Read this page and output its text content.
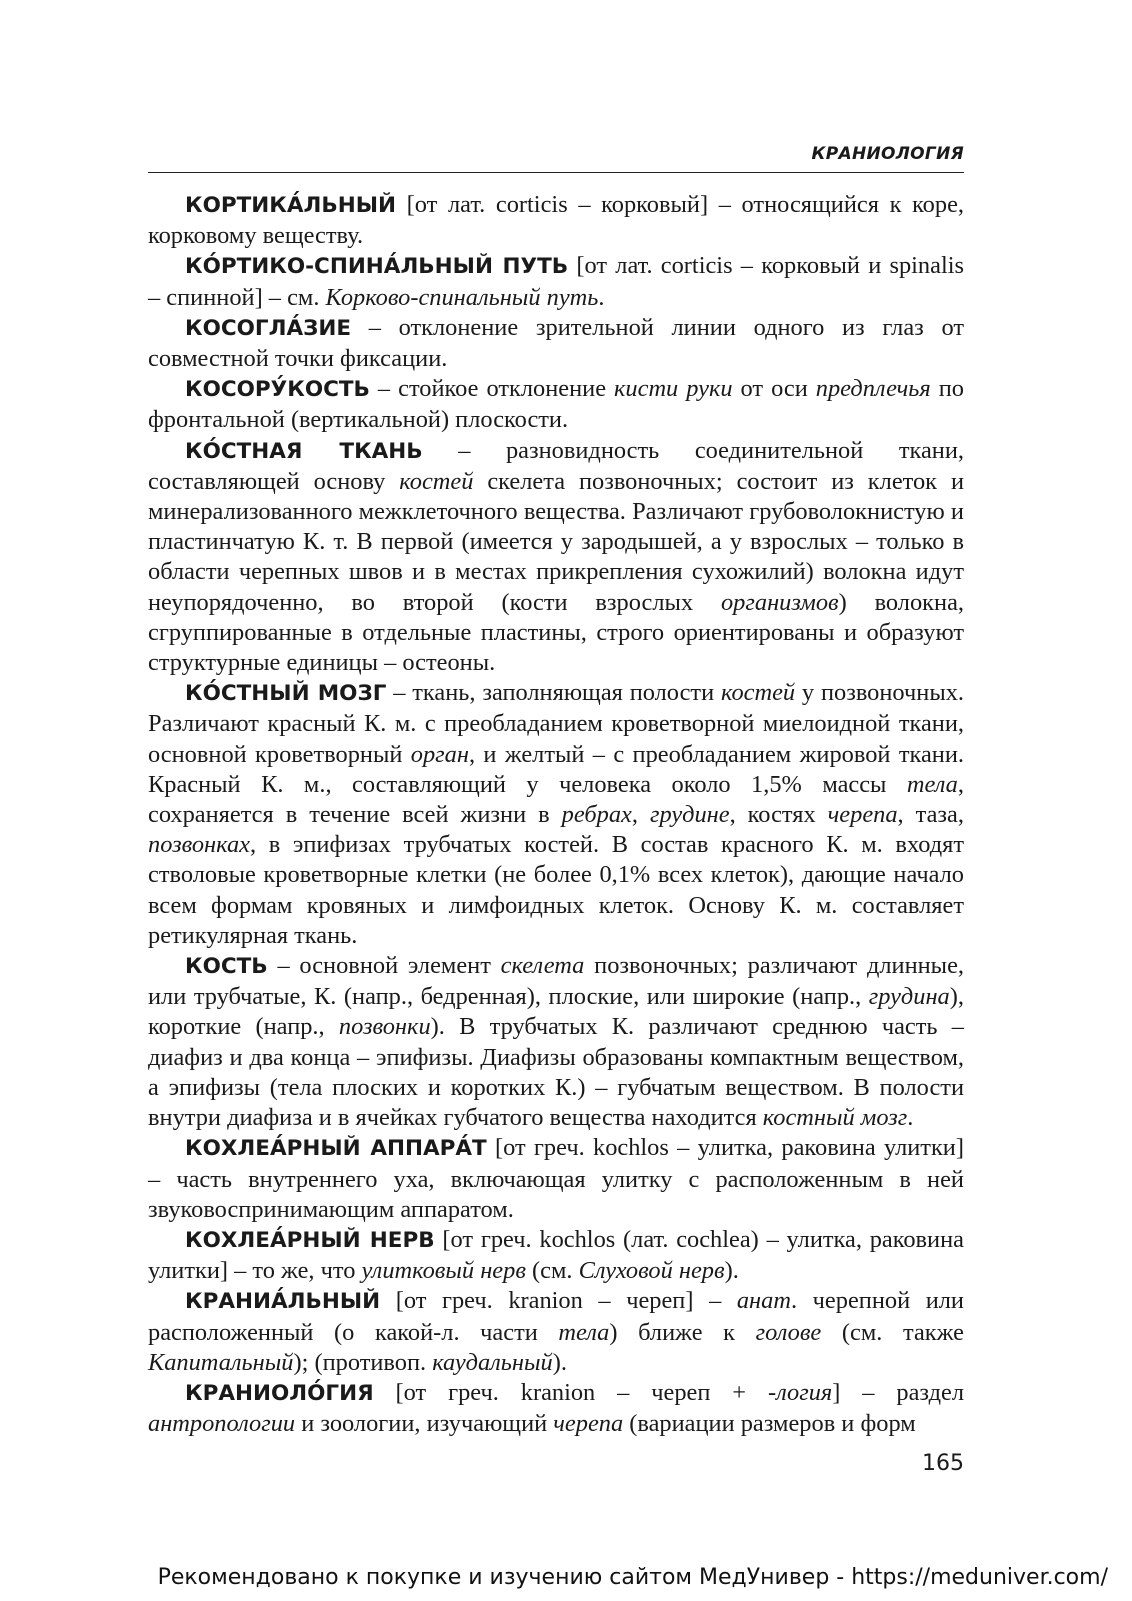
КРАНИОЛОГИЯ

КОРТИКА́ЛЬНЫЙ [от лат. corticis – корковый] – относящийся к коре, корковому веществу.

КО́РТИКО-СПИНА́ЛЬНЫЙ ПУТЬ [от лат. corticis – корковый и spinalis – спинной] – см. Корково-спинальный путь.

КОСОГЛА́ЗИЕ – отклонение зрительной линии одного из глаз от совместной точки фиксации.

КОСОРУ́КОСТЬ – стойкое отклонение кисти руки от оси предплечья по фронтальной (вертикальной) плоскости.

КО́СТНАЯ ТКАНЬ – разновидность соединительной ткани, составляющей основу костей скелета позвоночных; состоит из клеток и минерализованного межклеточного вещества. Различают грубоволокнистую и пластинчатую К. т. В первой (имеется у зародышей, а у взрослых – только в области черепных швов и в местах прикрепления сухожилий) волокна идут неупорядоченно, во второй (кости взрослых организмов) волокна, сгруппированные в отдельные пластины, строго ориентированы и образуют структурные единицы – остеоны.

КО́СТНЫЙ МОЗГ – ткань, заполняющая полости костей у позвоночных. Различают красный К. м. с преобладанием кроветворной миелоидной ткани, основной кроветворный орган, и желтый – с преобладанием жировой ткани. Красный К. м., составляющий у человека около 1,5% массы тела, сохраняется в течение всей жизни в ребрах, грудине, костях черепа, таза, позвонках, в эпифизах трубчатых костей. В состав красного К. м. входят стволовые кроветворные клетки (не более 0,1% всех клеток), дающие начало всем формам кровяных и лимфоидных клеток. Основу К. м. составляет ретикулярная ткань.

КОСТЬ – основной элемент скелета позвоночных; различают длинные, или трубчатые, К. (напр., бедренная), плоские, или широкие (напр., грудина), короткие (напр., позвонки). В трубчатых К. различают среднюю часть – диафиз и два конца – эпифизы. Диафизы образованы компактным веществом, а эпифизы (тела плоских и коротких К.) – губчатым веществом. В полости внутри диафиза и в ячейках губчатого вещества находится костный мозг.

КОХЛЕА́РНЫЙ АППАРА́Т [от греч. kochlos – улитка, раковина улитки] – часть внутреннего уха, включающая улитку с расположенным в ней звуковоспринимающим аппаратом.

КОХЛЕА́РНЫЙ НЕРВ [от греч. kochlos (лат. cochlea) – улитка, раковина улитки] – то же, что улитковый нерв (см. Слуховой нерв).

КРАНИА́ЛЬНЫЙ [от греч. kranion – череп] – анат. черепной или расположенный (о какой-л. части тела) ближе к голове (см. также Капитальный); (противоп. каудальный).

КРАНИОЛО́ГИЯ [от греч. kranion – череп + -логия] – раздел антропологии и зоологии, изучающий черепа (вариации размеров и форм

165
Рекомендовано к покупке и изучению сайтом МедУнивер - https://meduniver.com/
